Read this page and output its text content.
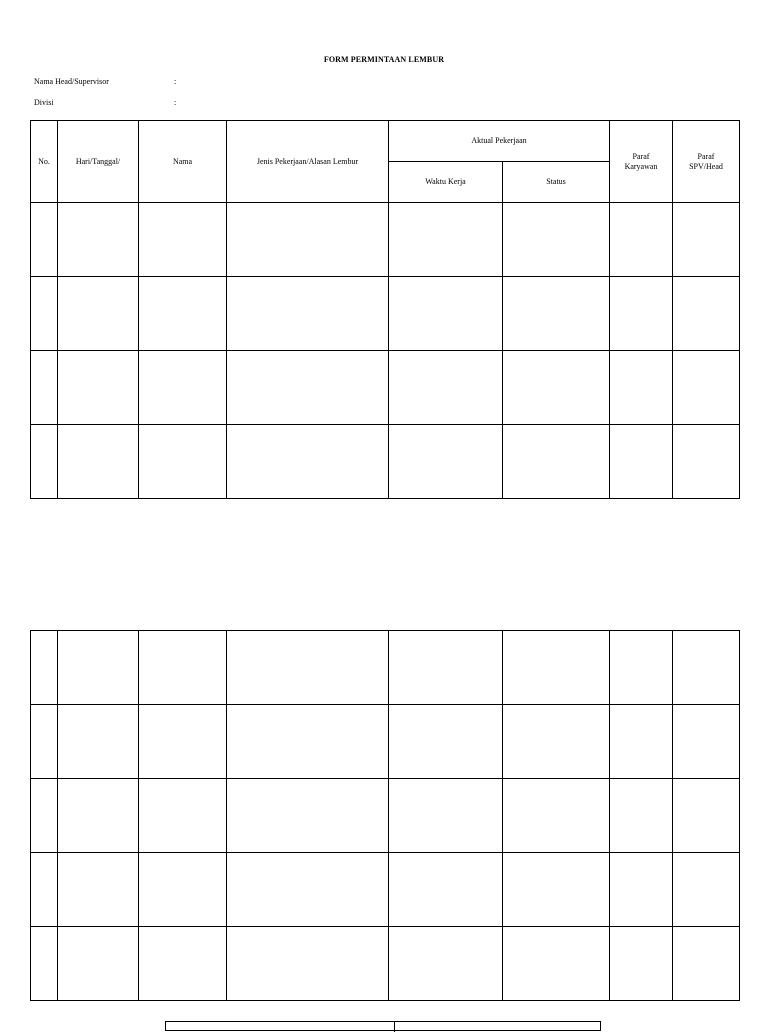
FORM PERMINTAAN LEMBUR
Nama Head/Supervisor	:
Divisi	:
No.	Hari/Tanggal/	Nama	Jenis Pekerjaan/Alasan Lembur	Aktual Pekerjaan		Paraf Karyawan	Paraf SPV/Head

				Waktu Kerja	Status		
